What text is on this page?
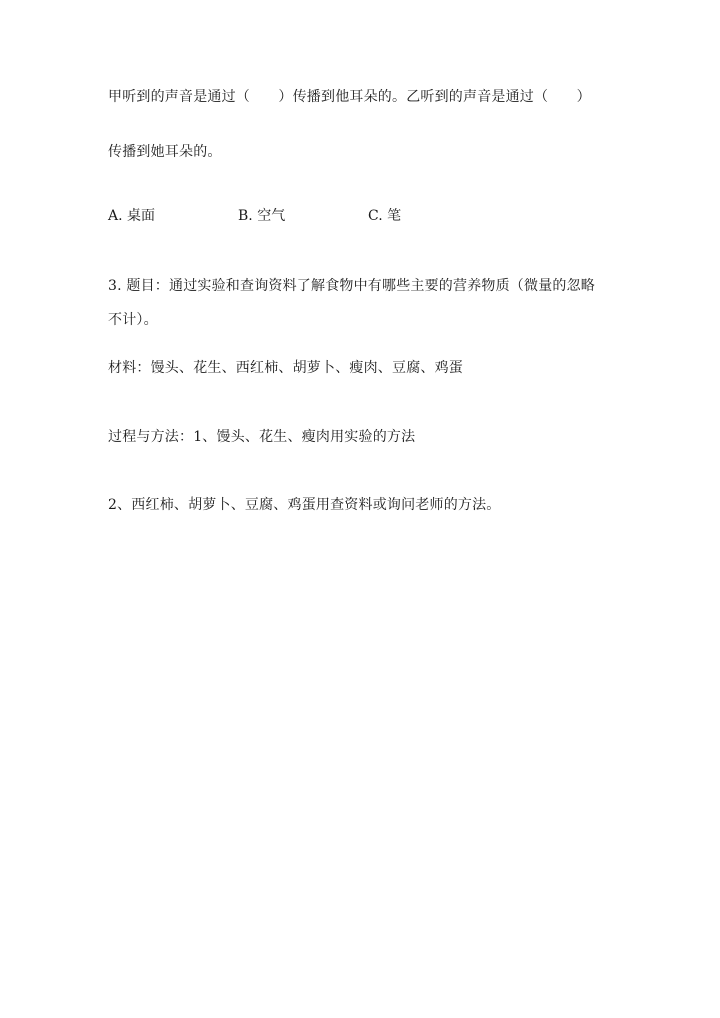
甲听到的声音是通过（　　）传播到他耳朵的。乙听到的声音是通过（　　）
传播到她耳朵的。
A. 桌面	B. 空气	C. 笔
3. 题目：通过实验和查询资料了解食物中有哪些主要的营养物质（微量的忽略
不计）。
材料：馒头、花生、西红柿、胡萝卜、瘦肉、豆腐、鸡蛋
过程与方法：1、馒头、花生、瘦肉用实验的方法
2、西红柿、胡萝卜、豆腐、鸡蛋用查资料或询问老师的方法。
